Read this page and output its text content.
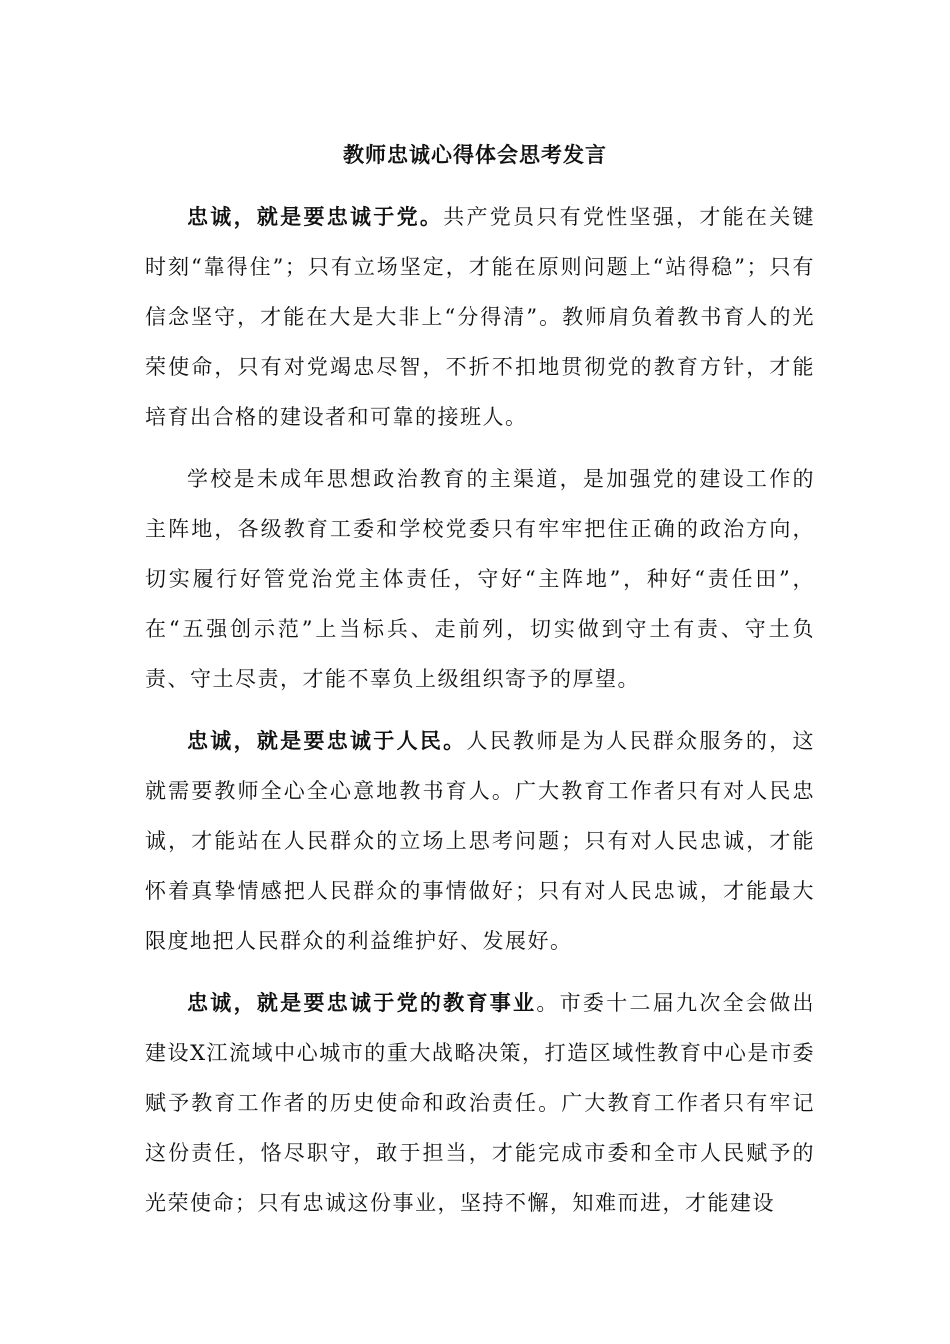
教师忠诚心得体会思考发言

忠诚，就是要忠诚于党。共产党员只有党性坚强，才能在关键时刻“靠得住”；只有立场坚定，才能在原则问题上“站得稳”；只有信念坚守，才能在大是大非上“分得清”。教师肩负着教书育人的光荣使命，只有对党竭忠尽智，不折不扣地贯彻党的教育方针，才能培育出合格的建设者和可靠的接班人。

学校是未成年思想政治教育的主渠道，是加强党的建设工作的主阵地，各级教育工委和学校党委只有牢牢把住正确的政治方向，切实履行好管党治党主体责任，守好“主阵地”，种好“责任田”，在“五强创示范”上当标兵、走前列，切实做到守土有责、守土负责、守土尽责，才能不辜负上级组织寄予的厚望。

忠诚，就是要忠诚于人民。人民教师是为人民群众服务的，这就需要教师全心全心意地教书育人。广大教育工作者只有对人民忠诚，才能站在人民群众的立场上思考问题；只有对人民忠诚，才能怀着真挚情感把人民群众的事情做好；只有对人民忠诚，才能最大限度地把人民群众的利益维护好、发展好。

忠诚，就是要忠诚于党的教育事业。市委十二届九次全会做出建设X江流域中心城市的重大战略决策，打造区域性教育中心是市委赋予教育工作者的历史使命和政治责任。广大教育工作者只有牢记这份责任，恪尽职守，敢于担当，才能完成市委和全市人民赋予的光荣使命；只有忠诚这份事业，坚持不懈，知难而进，才能建设
